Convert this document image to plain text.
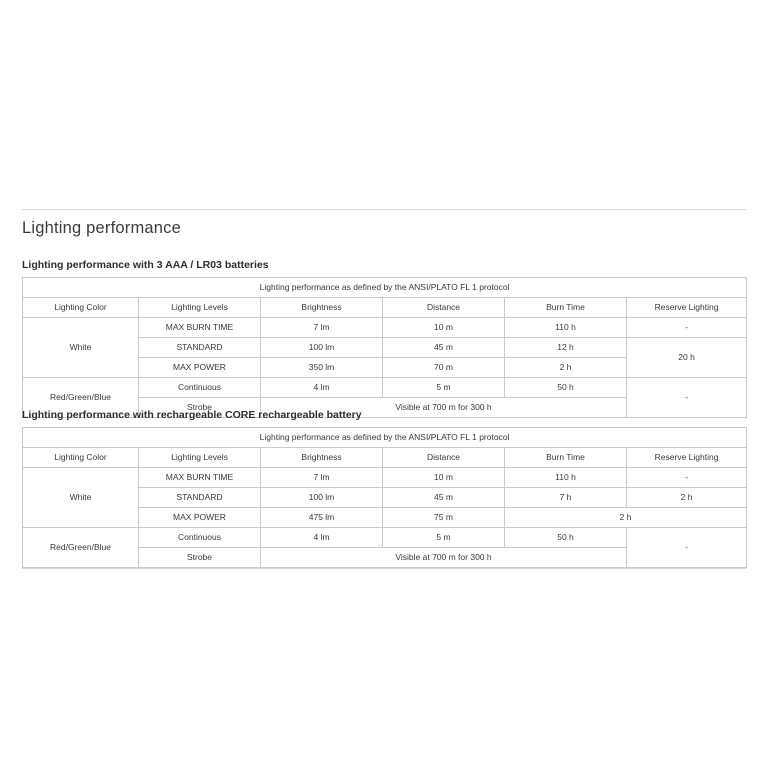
Lighting performance
Lighting performance with 3 AAA / LR03 batteries
Lighting performance as defined by the ANSI/PLATO FL 1 protocol					
Lighting Color	Lighting Levels	Brightness	Distance	Burn Time	Reserve Lighting
White	MAX BURN TIME	7 lm	10 m	110 h	-
	STANDARD	100 lm	45 m	12 h	20 h
	MAX POWER	350 lm	70 m	2 h	
Red/Green/Blue	Continuous	4 lm	5 m	50 h	-
	Strobe	Visible at 700 m for 300 h			
Lighting performance with rechargeable CORE rechargeable battery
Lighting performance as defined by the ANSI/PLATO FL 1 protocol					
Lighting Color	Lighting Levels	Brightness	Distance	Burn Time	Reserve Lighting
White	MAX BURN TIME	7 lm	10 m	110 h	-
	STANDARD	100 lm	45 m	7 h	2 h
	MAX POWER	475 lm	75 m	2 h	
Red/Green/Blue	Continuous	4 lm	5 m	50 h	-
	Strobe	Visible at 700 m for 300 h			
